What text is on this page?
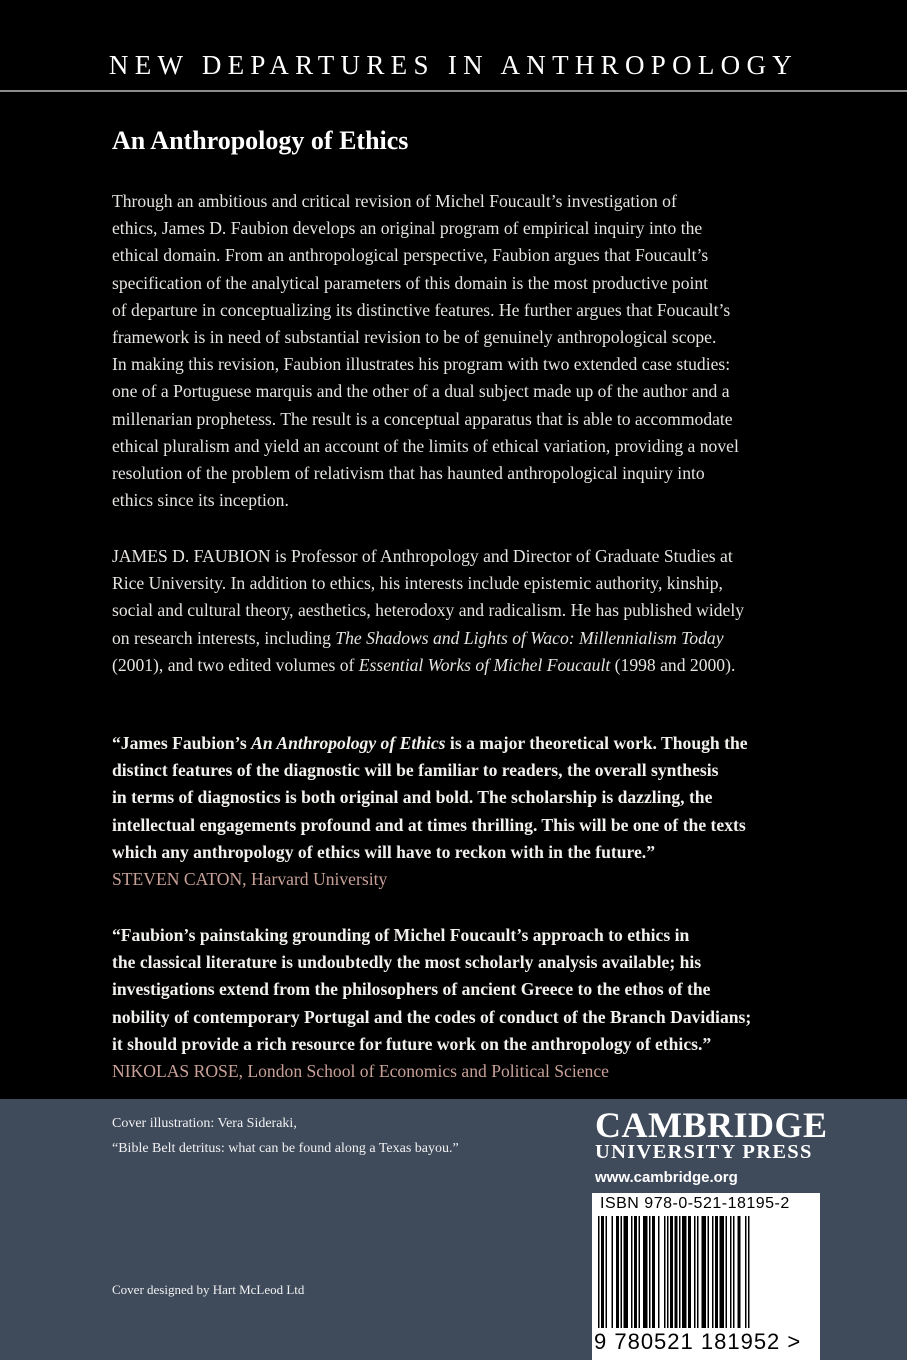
NEW DEPARTURES IN ANTHROPOLOGY
An Anthropology of Ethics
Through an ambitious and critical revision of Michel Foucault’s investigation of
ethics, James D. Faubion develops an original program of empirical inquiry into the
ethical domain. From an anthropological perspective, Faubion argues that Foucault’s
specification of the analytical parameters of this domain is the most productive point
of departure in conceptualizing its distinctive features. He further argues that Foucault’s
framework is in need of substantial revision to be of genuinely anthropological scope.
In making this revision, Faubion illustrates his program with two extended case studies:
one of a Portuguese marquis and the other of a dual subject made up of the author and a
millenarian prophetess. The result is a conceptual apparatus that is able to accommodate
ethical pluralism and yield an account of the limits of ethical variation, providing a novel
resolution of the problem of relativism that has haunted anthropological inquiry into
ethics since its inception.
JAMES D. FAUBION is Professor of Anthropology and Director of Graduate Studies at
Rice University. In addition to ethics, his interests include epistemic authority, kinship,
social and cultural theory, aesthetics, heterodoxy and radicalism. He has published widely
on research interests, including The Shadows and Lights of Waco: Millennialism Today
(2001), and two edited volumes of Essential Works of Michel Foucault (1998 and 2000).
“James Faubion’s An Anthropology of Ethics is a major theoretical work. Though the
distinct features of the diagnostic will be familiar to readers, the overall synthesis
in terms of diagnostics is both original and bold. The scholarship is dazzling, the
intellectual engagements profound and at times thrilling. This will be one of the texts
which any anthropology of ethics will have to reckon with in the future.”
STEVEN CATON, Harvard University
“Faubion’s painstaking grounding of Michel Foucault’s approach to ethics in
the classical literature is undoubtedly the most scholarly analysis available; his
investigations extend from the philosophers of ancient Greece to the ethos of the
nobility of contemporary Portugal and the codes of conduct of the Branch Davidians;
it should provide a rich resource for future work on the anthropology of ethics.”
NIKOLAS ROSE, London School of Economics and Political Science
Cover illustration: Vera Sideraki,
“Bible Belt detritus: what can be found along a Texas bayou.”
Cover designed by Hart McLeod Ltd
CAMBRIDGE
UNIVERSITY PRESS
www.cambridge.org
ISBN 978-0-521-18195-2
9 780521 181952 >
